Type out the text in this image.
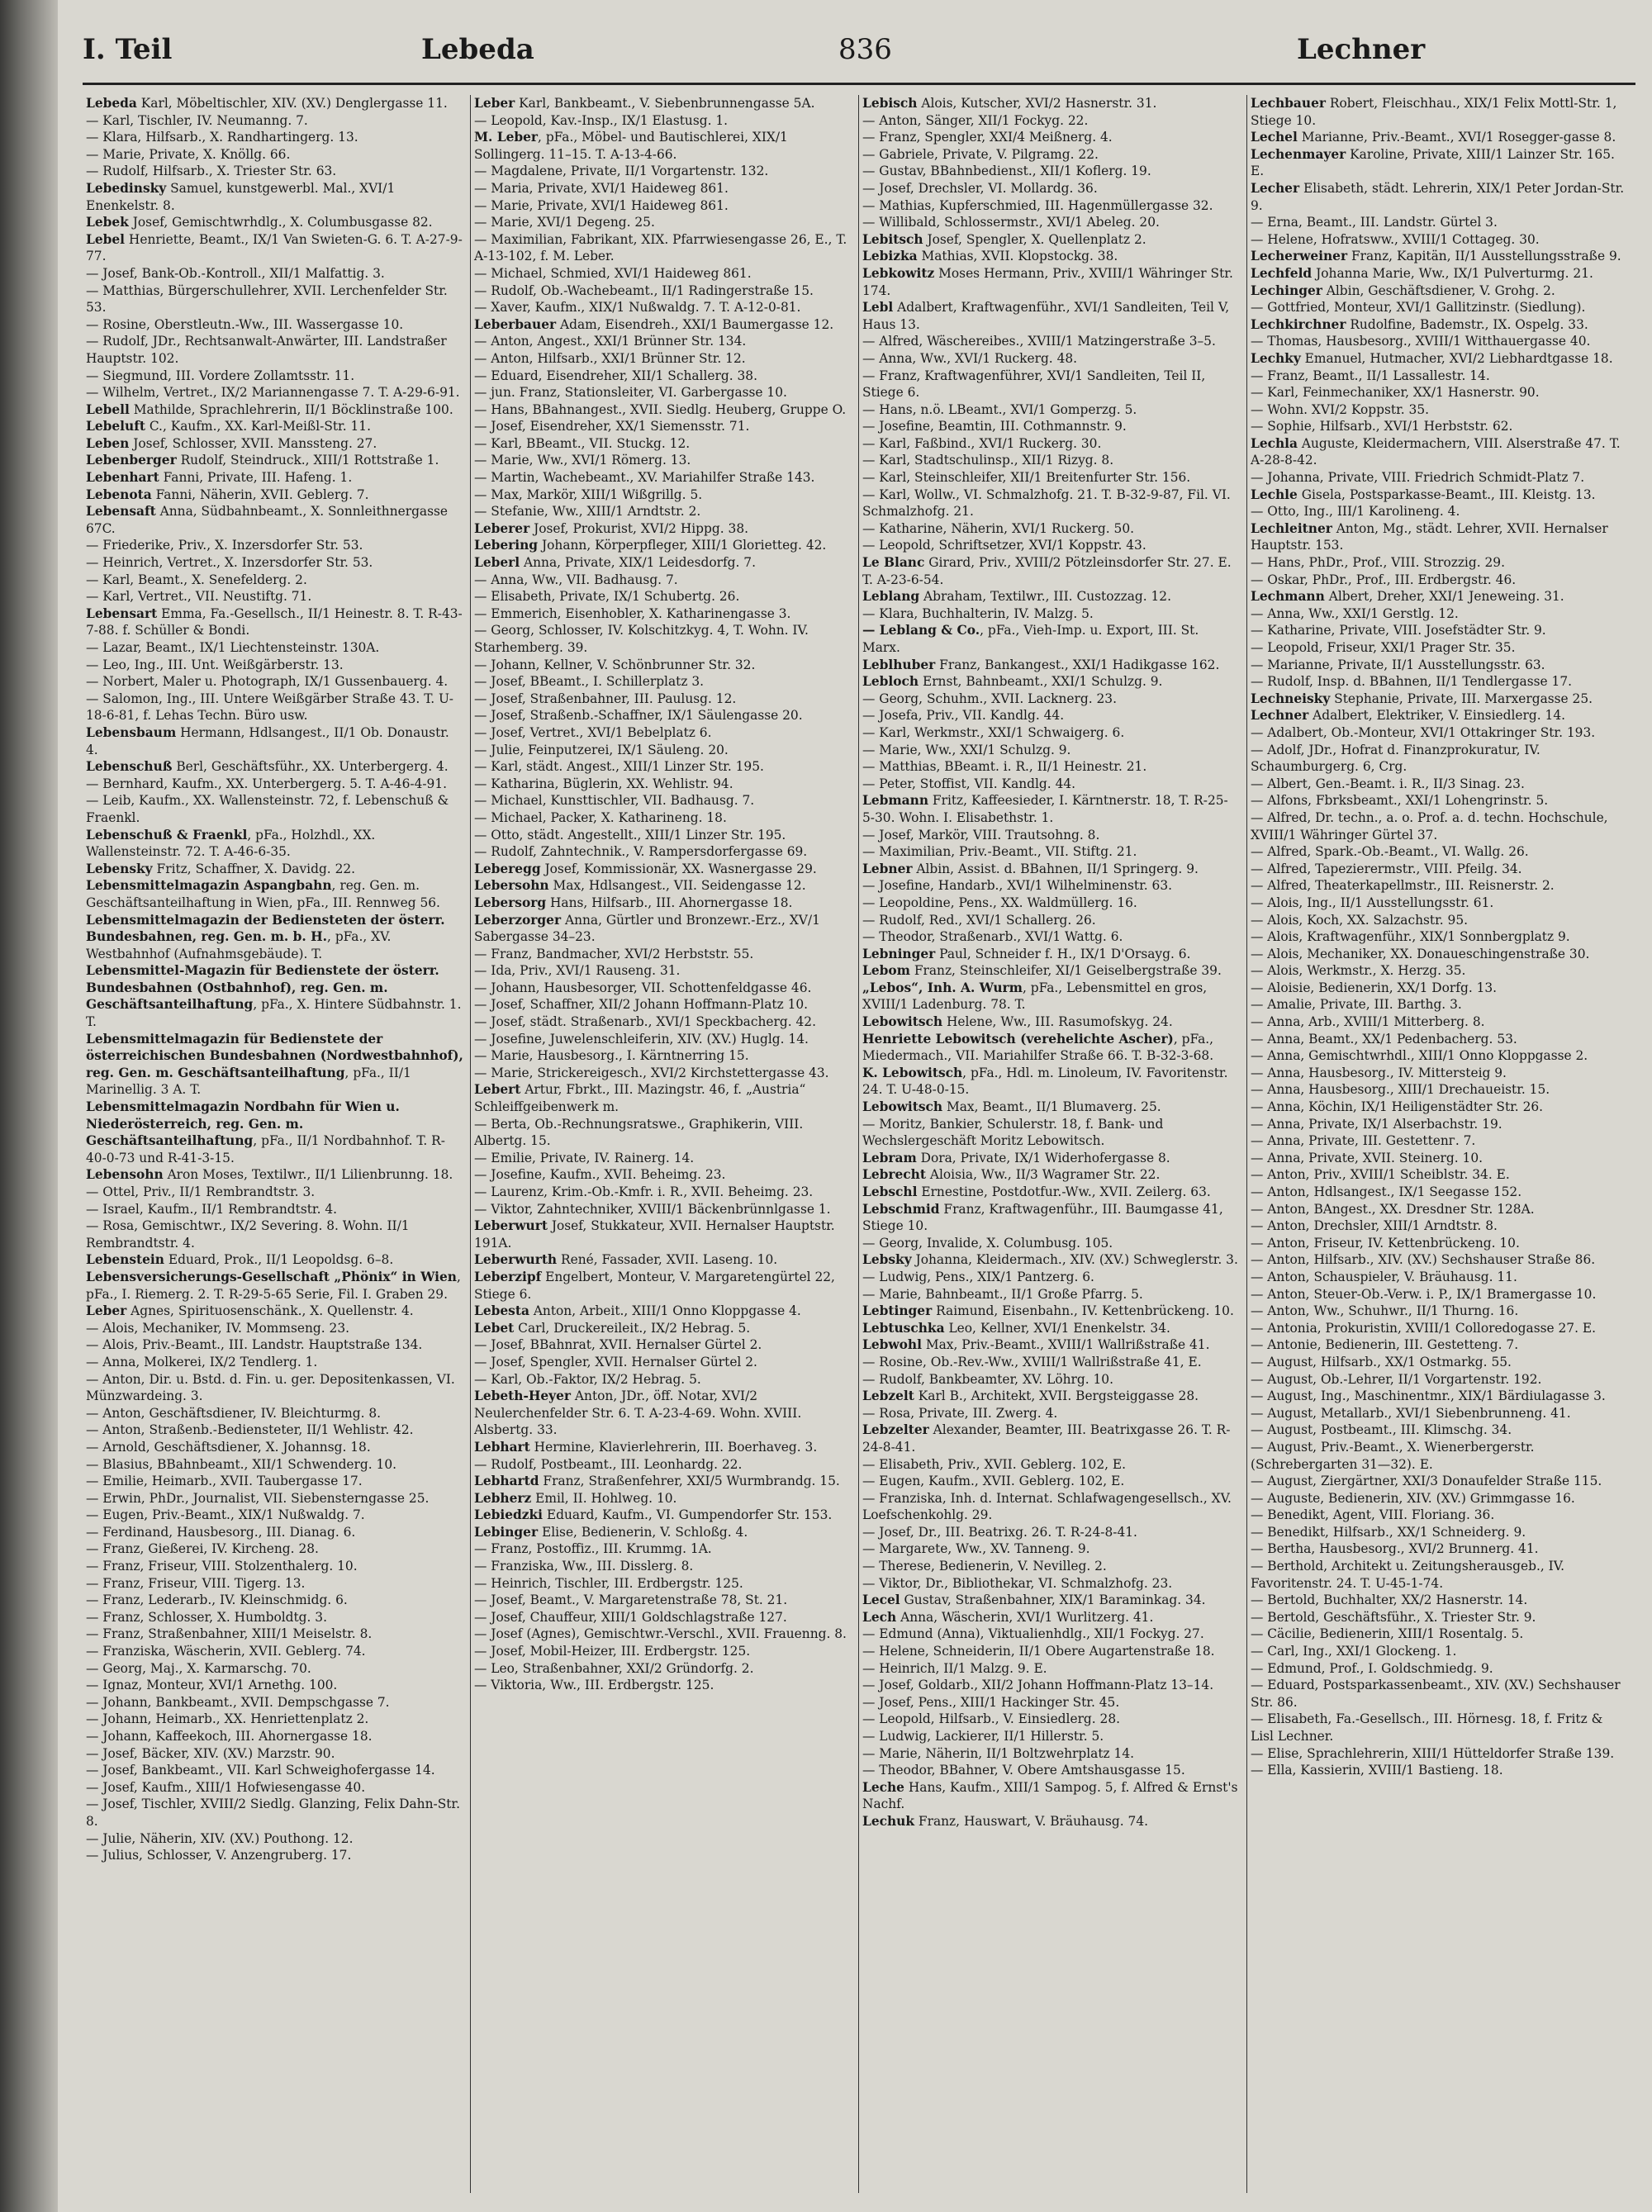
I. Teil	Lebeda	836	Lechner

Lebeda Karl, Möbeltischler, XIV. (XV.) Denglergasse 11.

— Karl, Tischler, IV. Neumanng. 7.

— Klara, Hilfsarb., X. Randhartingerg. 13.

— Marie, Private, X. Knöllg. 66.

— Rudolf, Hilfsarb., X. Triester Str. 63.

Lebedinsky Samuel, kunstgewerbl. Mal., XVI/1 Enenkelstr. 8.

Lebek Josef, Gemischtwrhdlg., X. Columbusgasse 82.

Lebel Henriette, Beamt., IX/1 Van Swieten-G. 6. T. A-27-9-77.

— Josef, Bank-Ob.-Kontroll., XII/1 Malfattig. 3.

— Matthias, Bürgerschullehrer, XVII. Lerchenfelder Str. 53.

— Rosine, Oberstleutn.-Ww., III. Wassergasse 10.

— Rudolf, JDr., Rechtsanwalt-Anwärter, III. Landstraßer Hauptstr. 102.

— Siegmund, III. Vordere Zollamtsstr. 11.

— Wilhelm, Vertret., IX/2 Mariannengasse 7. T. A-29-6-91.

Lebell Mathilde, Sprachlehrerin, II/1 Böcklinstraße 100.

Lebeluft C., Kaufm., XX. Karl-Meißl-Str. 11.

Leben Josef, Schlosser, XVII. Manssteng. 27.

Lebenberger Rudolf, Steindruck., XIII/1 Rottstraße 1.

Lebenhart Fanni, Private, III. Hafeng. 1.

Lebenota Fanni, Näherin, XVII. Geblerg. 7.

Lebensaft Anna, Südbahnbeamt., X. Sonnleithnergasse 67C.

— Friederike, Priv., X. Inzersdorfer Str. 53.

— Heinrich, Vertret., X. Inzersdorfer Str. 53.

— Karl, Beamt., X. Senefelderg. 2.

— Karl, Vertret., VII. Neustiftg. 71.

Lebensart Emma, Fa.-Gesellsch., II/1 Heinestr. 8. T. R-43-7-88. f. Schüller & Bondi.

— Lazar, Beamt., IX/1 Liechtensteinstr. 130A.

— Leo, Ing., III. Unt. Weißgärberstr. 13.

— Norbert, Maler u. Photograph, IX/1 Gussenbauerg. 4.

— Salomon, Ing., III. Untere Weißgärber Straße 43. T. U-18-6-81, f. Lehas Techn. Büro usw.

Lebensbaum Hermann, Hdlsangest., II/1 Ob. Donaustr. 4.

Lebenschuß Berl, Geschäftsführ., XX. Unterbergerg. 4.

— Bernhard, Kaufm., XX. Unterbergerg. 5. T. A-46-4-91.

— Leib, Kaufm., XX. Wallensteinstr. 72, f. Lebenschuß & Fraenkl.

Lebenschuß & Fraenkl, pFa., Holzhdl., XX. Wallensteinstr. 72. T. A-46-6-35.

Lebensky Fritz, Schaffner, X. Davidg. 22.

Lebensmittelmagazin Aspangbahn, reg. Gen. m. Geschäftsanteilhaftung in Wien, pFa., III. Rennweg 56.

Lebensmittelmagazin der Bediensteten der österr. Bundesbahnen, reg. Gen. m. b. H., pFa., XV. Westbahnhof (Aufnahmsgebäude). T.

Lebensmittel-Magazin für Bedienstete der österr. Bundesbahnen (Ostbahnhof), reg. Gen. m. Geschäftsanteilhaftung, pFa., X. Hintere Südbahnstr. 1. T.

Lebensmittelmagazin für Bedienstete der österreichischen Bundesbahnen (Nordwestbahnhof), reg. Gen. m. Geschäftsanteilhaftung, pFa., II/1 Marinellig. 3 A. T.

Lebensmittelmagazin Nordbahn für Wien u. Niederösterreich, reg. Gen. m. Geschäftsanteilhaftung, pFa., II/1 Nordbahnhof. T. R-40-0-73 und R-41-3-15.

Lebensohn Aron Moses, Textilwr., II/1 Lilienbrunng. 18.

— Ottel, Priv., II/1 Rembrandtstr. 3.

— Israel, Kaufm., II/1 Rembrandtstr. 4.

— Rosa, Gemischtwr., IX/2 Severing. 8. Wohn. II/1 Rembrandtstr. 4.

Lebenstein Eduard, Prok., II/1 Leopoldsg. 6–8.

Lebensversicherungs-Gesellschaft „Phönix“ in Wien, pFa., I. Riemerg. 2. T. R-29-5-65 Serie, Fil. I. Graben 29.

Leber Agnes, Spirituosenschänk., X. Quellenstr. 4.

— Alois, Mechaniker, IV. Mommseng. 23.

— Alois, Priv.-Beamt., III. Landstr. Hauptstraße 134.

— Anna, Molkerei, IX/2 Tendlerg. 1.

— Anton, Dir. u. Bstd. d. Fin. u. ger. Depositenkassen, VI. Münzwardeing. 3.

— Anton, Geschäftsdiener, IV. Bleichturmg. 8.

— Anton, Straßenb.-Bediensteter, II/1 Wehlistr. 42.

— Arnold, Geschäftsdiener, X. Johannsg. 18.

— Blasius, BBahnbeamt., XII/1 Schwenderg. 10.

— Emilie, Heimarb., XVII. Taubergasse 17.

— Erwin, PhDr., Journalist, VII. Siebensterngasse 25.

— Eugen, Priv.-Beamt., XIX/1 Nußwaldg. 7.

— Ferdinand, Hausbesorg., III. Dianag. 6.

— Franz, Gießerei, IV. Kircheng. 28.

— Franz, Friseur, VIII. Stolzenthalerg. 10.

— Franz, Friseur, VIII. Tigerg. 13.

— Franz, Lederarb., IV. Kleinschmidg. 6.

— Franz, Schlosser, X. Humboldtg. 3.

— Franz, Straßenbahner, XIII/1 Meiselstr. 8.

— Franziska, Wäscherin, XVII. Geblerg. 74.

— Georg, Maj., X. Karmarschg. 70.

— Ignaz, Monteur, XVI/1 Arnethg. 100.

— Johann, Bankbeamt., XVII. Dempschgasse 7.

— Johann, Heimarb., XX. Henriettenplatz 2.

— Johann, Kaffeekoch, III. Ahornergasse 18.

— Josef, Bäcker, XIV. (XV.) Marzstr. 90.

— Josef, Bankbeamt., VII. Karl Schweighofergasse 14.

— Josef, Kaufm., XIII/1 Hofwiesengasse 40.

— Josef, Tischler, XVIII/2 Siedlg. Glanzing, Felix Dahn-Str. 8.

— Julie, Näherin, XIV. (XV.) Pouthong. 12.

— Julius, Schlosser, V. Anzengruberg. 17.

Leber Karl, Bankbeamt., V. Siebenbrunnengasse 5A.

— Leopold, Kav.-Insp., IX/1 Elastusg. 1.

M. Leber, pFa., Möbel- und Bautischlerei, XIX/1 Sollingerg. 11–15. T. A-13-4-66.

— Magdalene, Private, II/1 Vorgartenstr. 132.

— Maria, Private, XVI/1 Haideweg 861.

— Marie, Private, XVI/1 Haideweg 861.

— Marie, XVI/1 Degeng. 25.

— Maximilian, Fabrikant, XIX. Pfarrwiesengasse 26, E., T. A-13-102, f. M. Leber.

— Michael, Schmied, XVI/1 Haideweg 861.

— Rudolf, Ob.-Wachebeamt., II/1 Radingerstraße 15.

— Xaver, Kaufm., XIX/1 Nußwaldg. 7. T. A-12-0-81.

Leberbauer Adam, Eisendreh., XXI/1 Baumergasse 12.

— Anton, Angest., XXI/1 Brünner Str. 134.

— Anton, Hilfsarb., XXI/1 Brünner Str. 12.

— Eduard, Eisendreher, XII/1 Schallerg. 38.

— jun. Franz, Stationsleiter, VI. Garbergasse 10.

— Hans, BBahnangest., XVII. Siedlg. Heuberg, Gruppe O.

— Josef, Eisendreher, XX/1 Siemensstr. 71.

— Karl, BBeamt., VII. Stuckg. 12.

— Marie, Ww., XVI/1 Römerg. 13.

— Martin, Wachebeamt., XV. Mariahilfer Straße 143.

— Max, Markör, XIII/1 Wißgrillg. 5.

— Stefanie, Ww., XIII/1 Arndtstr. 2.

Leberer Josef, Prokurist, XVI/2 Hippg. 38.

Lebering Johann, Körperpfleger, XIII/1 Glorietteg. 42.

Leberl Anna, Private, XIX/1 Leidesdorfg. 7.

— Anna, Ww., VII. Badhausg. 7.

— Elisabeth, Private, IX/1 Schubertg. 26.

— Emmerich, Eisenhobler, X. Katharinengasse 3.

— Georg, Schlosser, IV. Kolschitzkyg. 4, T. Wohn. IV. Starhemberg. 39.

— Johann, Kellner, V. Schönbrunner Str. 32.

— Josef, BBeamt., I. Schillerplatz 3.

— Josef, Straßenbahner, III. Paulusg. 12.

— Josef, Straßenb.-Schaffner, IX/1 Säulengasse 20.

— Josef, Vertret., XVI/1 Bebelplatz 6.

— Julie, Feinputzerei, IX/1 Säuleng. 20.

— Karl, städt. Angest., XIII/1 Linzer Str. 195.

— Katharina, Büglerin, XX. Wehlistr. 94.

— Michael, Kunsttischler, VII. Badhausg. 7.

— Michael, Packer, X. Katharineng. 18.

— Otto, städt. Angestellt., XIII/1 Linzer Str. 195.

— Rudolf, Zahntechnik., V. Rampersdorfergasse 69.

Leberegg Josef, Kommissionär, XX. Wasnergasse 29.

Lebersohn Max, Hdlsangest., VII. Seidengasse 12.

Lebersorg Hans, Hilfsarb., III. Ahornergasse 18.

Leberzorger Anna, Gürtler und Bronzewr.-Erz., XV/1 Sabergasse 34–23.

— Franz, Bandmacher, XVI/2 Herbststr. 55.

— Ida, Priv., XVI/1 Rauseng. 31.

— Johann, Hausbesorger, VII. Schottenfeldgasse 46.

— Josef, Schaffner, XII/2 Johann Hoffmann-Platz 10.

— Josef, städt. Straßenarb., XVI/1 Speckbacherg. 42.

— Josefine, Juwelenschleiferin, XIV. (XV.) Huglg. 14.

— Marie, Hausbesorg., I. Kärntnerring 15.

— Marie, Strickereigesch., XVI/2 Kirchstettergasse 43.

Lebert Artur, Fbrkt., III. Mazingstr. 46, f. „Austria“ Schleiffgeibenwerk m.

— Berta, Ob.-Rechnungsratswe., Graphikerin, VIII. Albertg. 15.

— Emilie, Private, IV. Rainerg. 14.

— Josefine, Kaufm., XVII. Beheimg. 23.

— Laurenz, Krim.-Ob.-Kmfr. i. R., XVII. Beheimg. 23.

— Viktor, Zahntechniker, XVIII/1 Bäckenbrünnlgasse 1.

Leberwurt Josef, Stukkateur, XVII. Hernalser Hauptstr. 191A.

Leberwurth René, Fassader, XVII. Laseng. 10.

Leberzipf Engelbert, Monteur, V. Margaretengürtel 22, Stiege 6.

Lebesta Anton, Arbeit., XIII/1 Onno Kloppgasse 4.

Lebet Carl, Druckereileit., IX/2 Hebrag. 5.

— Josef, BBahnrat, XVII. Hernalser Gürtel 2.

— Josef, Spengler, XVII. Hernalser Gürtel 2.

— Karl, Ob.-Faktor, IX/2 Hebrag. 5.

Lebeth-Heyer Anton, JDr., öff. Notar, XVI/2 Neulerchenfelder Str. 6. T. A-23-4-69. Wohn. XVIII. Alsbertg. 33.

Lebhart Hermine, Klavierlehrerin, III. Boerhaveg. 3.

— Rudolf, Postbeamt., III. Leonhardg. 22.

Lebhartd Franz, Straßenfehrer, XXI/5 Wurmbrandg. 15.

Lebherz Emil, II. Hohlweg. 10.

Lebiedzki Eduard, Kaufm., VI. Gumpendorfer Str. 153.

Lebinger Elise, Bedienerin, V. Schloßg. 4.

— Franz, Postoffiz., III. Krummg. 1A.

— Franziska, Ww., III. Disslerg. 8.

— Heinrich, Tischler, III. Erdbergstr. 125.

— Josef, Beamt., V. Margaretenstraße 78, St. 21.

— Josef, Chauffeur, XIII/1 Goldschlagstraße 127.

— Josef (Agnes), Gemischtwr.-Verschl., XVII. Frauenng. 8.

— Josef, Mobil-Heizer, III. Erdbergstr. 125.

— Leo, Straßenbahner, XXI/2 Gründorfg. 2.

— Viktoria, Ww., III. Erdbergstr. 125.

Lebisch Alois, Kutscher, XVI/2 Hasnerstr. 31.

— Anton, Sänger, XII/1 Fockyg. 22.

— Franz, Spengler, XXI/4 Meißnerg. 4.

— Gabriele, Private, V. Pilgramg. 22.

— Gustav, BBahnbedienst., XII/1 Koflerg. 19.

— Josef, Drechsler, VI. Mollardg. 36.

— Mathias, Kupferschmied, III. Hagenmüllergasse 32.

— Willibald, Schlossermstr., XVI/1 Abeleg. 20.

Lebitsch Josef, Spengler, X. Quellenplatz 2.

Lebizka Mathias, XVII. Klopstockg. 38.

Lebkowitz Moses Hermann, Priv., XVIII/1 Währinger Str. 174.

Lebl Adalbert, Kraftwagenführ., XVI/1 Sandleiten, Teil V, Haus 13.

— Alfred, Wäschereibes., XVIII/1 Matzingerstraße 3–5.

— Anna, Ww., XVI/1 Ruckerg. 48.

— Franz, Kraftwagenführer, XVI/1 Sandleiten, Teil II, Stiege 6.

— Hans, n.ö. LBeamt., XVI/1 Gomperzg. 5.

— Josefine, Beamtin, III. Cothmannstr. 9.

— Karl, Faßbind., XVI/1 Ruckerg. 30.

— Karl, Stadtschulinsp., XII/1 Rizyg. 8.

— Karl, Steinschleifer, XII/1 Breitenfurter Str. 156.

— Karl, Wollw., VI. Schmalzhofg. 21. T. B-32-9-87, Fil. VI. Schmalzhofg. 21.

— Katharine, Näherin, XVI/1 Ruckerg. 50.

— Leopold, Schriftsetzer, XVI/1 Koppstr. 43.

Le Blanc Girard, Priv., XVIII/2 Pötzleinsdorfer Str. 27. E. T. A-23-6-54.

Leblang Abraham, Textilwr., III. Custozzag. 12.

— Klara, Buchhalterin, IV. Malzg. 5.

— Leblang & Co., pFa., Vieh-Imp. u. Export, III. St. Marx.

Leblhuber Franz, Bankangest., XXI/1 Hadikgasse 162.

Lebloch Ernst, Bahnbeamt., XXI/1 Schulzg. 9.

— Georg, Schuhm., XVII. Lacknerg. 23.

— Josefa, Priv., VII. Kandlg. 44.

— Karl, Werkmstr., XXI/1 Schwaigerg. 6.

— Marie, Ww., XXI/1 Schulzg. 9.

— Matthias, BBeamt. i. R., II/1 Heinestr. 21.

— Peter, Stoffist, VII. Kandlg. 44.

Lebmann Fritz, Kaffeesieder, I. Kärntnerstr. 18, T. R-25-5-30. Wohn. I. Elisabethstr. 1.

— Josef, Markör, VIII. Trautsohng. 8.

— Maximilian, Priv.-Beamt., VII. Stiftg. 21.

Lebner Albin, Assist. d. BBahnen, II/1 Springerg. 9.

— Josefine, Handarb., XVI/1 Wilhelminenstr. 63.

— Leopoldine, Pens., XX. Waldmüllerg. 16.

— Rudolf, Red., XVI/1 Schallerg. 26.

— Theodor, Straßenarb., XVI/1 Wattg. 6.

Lebninger Paul, Schneider f. H., IX/1 D'Orsayg. 6.

Lebom Franz, Steinschleifer, XI/1 Geiselbergstraße 39.

„Lebos“, Inh. A. Wurm, pFa., Lebensmittel en gros, XVIII/1 Ladenburg. 78. T.

Lebowitsch Helene, Ww., III. Rasumofskyg. 24.

Henriette Lebowitsch (verehelichte Ascher), pFa., Miedermach., VII. Mariahilfer Straße 66. T. B-32-3-68.

K. Lebowitsch, pFa., Hdl. m. Linoleum, IV. Favoritenstr. 24. T. U-48-0-15.

Lebowitsch Max, Beamt., II/1 Blumaverg. 25.

— Moritz, Bankier, Schulerstr. 18, f. Bank- und Wechslergeschäft Moritz Lebowitsch.

Lebram Dora, Private, IX/1 Widerhofergasse 8.

Lebrecht Aloisia, Ww., II/3 Wagramer Str. 22.

Lebschl Ernestine, Postdotfur.-Ww., XVII. Zeilerg. 63.

Lebschmid Franz, Kraftwagenführ., III. Baumgasse 41, Stiege 10.

— Georg, Invalide, X. Columbusg. 105.

Lebsky Johanna, Kleidermach., XIV. (XV.) Schweglerstr. 3.

— Ludwig, Pens., XIX/1 Pantzerg. 6.

— Marie, Bahnbeamt., II/1 Große Pfarrg. 5.

Lebtinger Raimund, Eisenbahn., IV. Kettenbrückeng. 10.

Lebtuschka Leo, Kellner, XVI/1 Enenkelstr. 34.

Lebwohl Max, Priv.-Beamt., XVIII/1 Wallrißstraße 41.

— Rosine, Ob.-Rev.-Ww., XVIII/1 Wallrißstraße 41, E.

— Rudolf, Bankbeamter, XV. Löhrg. 10.

Lebzelt Karl B., Architekt, XVII. Bergsteiggasse 28.

— Rosa, Private, III. Zwerg. 4.

Lebzelter Alexander, Beamter, III. Beatrixgasse 26. T. R-24-8-41.

— Elisabeth, Priv., XVII. Geblerg. 102, E.

— Eugen, Kaufm., XVII. Geblerg. 102, E.

— Franziska, Inh. d. Internat. Schlafwagengesellsch., XV. Loefschenkohlg. 29.

— Josef, Dr., III. Beatrixg. 26. T. R-24-8-41.

— Margarete, Ww., XV. Tanneng. 9.

— Therese, Bedienerin, V. Nevilleg. 2.

— Viktor, Dr., Bibliothekar, VI. Schmalzhofg. 23.

Lecel Gustav, Straßenbahner, XIX/1 Baraminkag. 34.

Lech Anna, Wäscherin, XVI/1 Wurlitzerg. 41.

— Edmund (Anna), Viktualienhdlg., XII/1 Fockyg. 27.

— Helene, Schneiderin, II/1 Obere Augartenstraße 18.

— Heinrich, II/1 Malzg. 9. E.

— Josef, Goldarb., XII/2 Johann Hoffmann-Platz 13–14.

— Josef, Pens., XIII/1 Hackinger Str. 45.

— Leopold, Hilfsarb., V. Einsiedlerg. 28.

— Ludwig, Lackierer, II/1 Hillerstr. 5.

— Marie, Näherin, II/1 Boltzwehrplatz 14.

— Theodor, BBahner, V. Obere Amtshausgasse 15.

Leche Hans, Kaufm., XIII/1 Sampog. 5, f. Alfred & Ernst's Nachf.

Lechuk Franz, Hauswart, V. Bräuhausg. 74.

Lechbauer Robert, Fleischhau., XIX/1 Felix Mottl-Str. 1, Stiege 10.

Lechel Marianne, Priv.-Beamt., XVI/1 Rosegger-gasse 8.

Lechenmayer Karoline, Private, XIII/1 Lainzer Str. 165. E.

Lecher Elisabeth, städt. Lehrerin, XIX/1 Peter Jordan-Str. 9.

— Erna, Beamt., III. Landstr. Gürtel 3.

— Helene, Hofratsww., XVIII/1 Cottageg. 30.

Lecherweiner Franz, Kapitän, II/1 Ausstellungsstraße 9.

Lechfeld Johanna Marie, Ww., IX/1 Pulverturmg. 21.

Lechinger Albin, Geschäftsdiener, V. Grohg. 2.

— Gottfried, Monteur, XVI/1 Gallitzinstr. (Siedlung).

Lechkirchner Rudolfine, Bademstr., IX. Ospelg. 33.

— Thomas, Hausbesorg., XVIII/1 Witthauergasse 40.

Lechky Emanuel, Hutmacher, XVI/2 Liebhardtgasse 18.

— Franz, Beamt., II/1 Lassallestr. 14.

— Karl, Feinmechaniker, XX/1 Hasnerstr. 90.

— Wohn. XVI/2 Koppstr. 35.

— Sophie, Hilfsarb., XVI/1 Herbststr. 62.

Lechla Auguste, Kleidermachern, VIII. Alserstraße 47. T. A-28-8-42.

— Johanna, Private, VIII. Friedrich Schmidt-Platz 7.

Lechle Gisela, Postsparkasse-Beamt., III. Kleistg. 13.

— Otto, Ing., III/1 Karolineng. 4.

Lechleitner Anton, Mg., städt. Lehrer, XVII. Hernalser Hauptstr. 153.

— Hans, PhDr., Prof., VIII. Strozzig. 29.

— Oskar, PhDr., Prof., III. Erdbergstr. 46.

Lechmann Albert, Dreher, XXI/1 Jeneweing. 31.

— Anna, Ww., XXI/1 Gerstlg. 12.

— Katharine, Private, VIII. Josefstädter Str. 9.

— Leopold, Friseur, XXI/1 Prager Str. 35.

— Marianne, Private, II/1 Ausstellungsstr. 63.

— Rudolf, Insp. d. BBahnen, II/1 Tendlergasse 17.

Lechneisky Stephanie, Private, III. Marxergasse 25.

Lechner Adalbert, Elektriker, V. Einsiedlerg. 14.

— Adalbert, Ob.-Monteur, XVI/1 Ottakringer Str. 193.

— Adolf, JDr., Hofrat d. Finanzprokuratur, IV. Schaumburgerg. 6, Crg.

— Albert, Gen.-Beamt. i. R., II/3 Sinag. 23.

— Alfons, Fbrksbeamt., XXI/1 Lohengrinstr. 5.

— Alfred, Dr. techn., a. o. Prof. a. d. techn. Hochschule, XVIII/1 Währinger Gürtel 37.

— Alfred, Spark.-Ob.-Beamt., VI. Wallg. 26.

— Alfred, Tapezierermstr., VIII. Pfeilg. 34.

— Alfred, Theaterkapellmstr., III. Reisnerstr. 2.

— Alois, Ing., II/1 Ausstellungsstr. 61.

— Alois, Koch, XX. Salzachstr. 95.

— Alois, Kraftwagenführ., XIX/1 Sonnbergplatz 9.

— Alois, Mechaniker, XX. Donaueschingenstraße 30.

— Alois, Werkmstr., X. Herzg. 35.

— Aloisie, Bedienerin, XX/1 Dorfg. 13.

— Amalie, Private, III. Barthg. 3.

— Anna, Arb., XVIII/1 Mitterberg. 8.

— Anna, Beamt., XX/1 Pedenbacherg. 53.

— Anna, Gemischtwrhdl., XIII/1 Onno Kloppgasse 2.

— Anna, Hausbesorg., IV. Mittersteig 9.

— Anna, Hausbesorg., XIII/1 Drechaueistr. 15.

— Anna, Köchin, IX/1 Heiligenstädter Str. 26.

— Anna, Private, IX/1 Alserbachstr. 19.

— Anna, Private, III. Gestettenг. 7.

— Anna, Private, XVII. Steinerg. 10.

— Anton, Priv., XVIII/1 Scheiblstr. 34. E.

— Anton, Hdlsangest., IX/1 Seegasse 152.

— Anton, BAngest., XX. Dresdner Str. 128A.

— Anton, Drechsler, XIII/1 Arndtstr. 8.

— Anton, Friseur, IV. Kettenbrückeng. 10.

— Anton, Hilfsarb., XIV. (XV.) Sechshauser Straße 86.

— Anton, Schauspieler, V. Bräuhausg. 11.

— Anton, Steuer-Ob.-Verw. i. P., IX/1 Bramergasse 10.

— Anton, Ww., Schuhwr., II/1 Thurng. 16.

— Antonia, Prokuristin, XVIII/1 Colloredogasse 27. E.

— Antonie, Bedienerin, III. Gestetteng. 7.

— August, Hilfsarb., XX/1 Ostmarkg. 55.

— August, Ob.-Lehrer, II/1 Vorgartenstr. 192.

— August, Ing., Maschinentmr., XIX/1 Bärdiulagasse 3.

— August, Metallarb., XVI/1 Siebenbrunneng. 41.

— August, Postbeamt., III. Klimschg. 34.

— August, Priv.-Beamt., X. Wienerbergerstr. (Schrebergarten 31—32). E.

— August, Ziergärtner, XXI/3 Donaufelder Straße 115.

— Auguste, Bedienerin, XIV. (XV.) Grimmgasse 16.

— Benedikt, Agent, VIII. Floriang. 36.

— Benedikt, Hilfsarb., XX/1 Schneiderg. 9.

— Bertha, Hausbesorg., XVI/2 Brunnerg. 41.

— Berthold, Architekt u. Zeitungsherausgeb., IV. Favoritenstr. 24. T. U-45-1-74.

— Bertold, Buchhalter, XX/2 Hasnerstr. 14.

— Bertold, Geschäftsführ., X. Triester Str. 9.

— Cäcilie, Bedienerin, XIII/1 Rosentalg. 5.

— Carl, Ing., XXI/1 Glockeng. 1.

— Edmund, Prof., I. Goldschmiedg. 9.

— Eduard, Postsparkassenbeamt., XIV. (XV.) Sechshauser Str. 86.

— Elisabeth, Fa.-Gesellsch., III. Hörnesg. 18, f. Fritz & Lisl Lechner.

— Elise, Sprachlehrerin, XIII/1 Hütteldorfer Straße 139.

— Ella, Kassierin, XVIII/1 Bastieng. 18.
